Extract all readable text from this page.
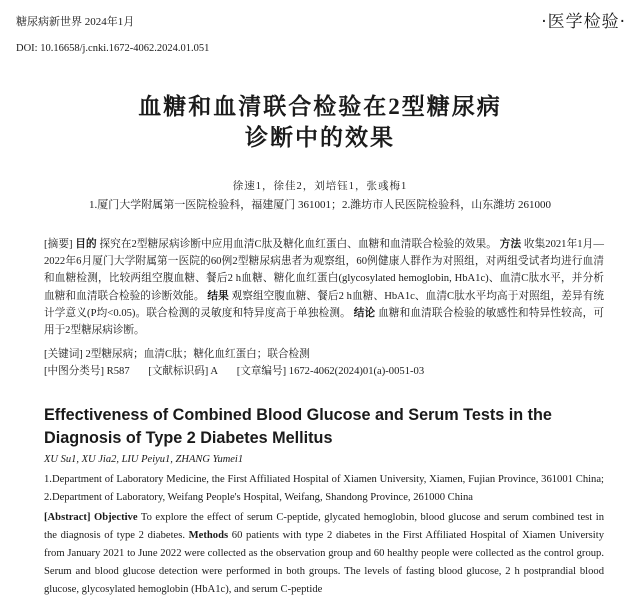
糖尿病新世界 2024年1月
DOI: 10.16658/j.cnki.1672-4062.2024.01.051
·医学检验·
血糖和血清联合检验在2型糖尿病
诊断中的效果
徐速1，徐佳2，刘培钰1，张彧梅1
1.厦门大学附属第一医院检验科，福建厦门 361001；2.潍坊市人民医院检验科，山东潍坊 261000

[摘要] 目的 探究在2型糖尿病诊断中应用血清C肽及糖化血红蛋白、血糖和血清联合检验的效果。 方法 收集2021年1月—2022年6月厦门大学附属第一医院的60例2型糖尿病患者为观察组，60例健康人群作为对照组，对两组受试者均进行血清和血糖检测，比较两组空腹血糖、餐后2 h血糖、糖化血红蛋白(glycosylated hemoglobin, HbA1c)、血清C肽水平，并分析血糖和血清联合检验的诊断效能。 结果 观察组空腹血糖、餐后2 h血糖、HbA1c、血清C肽水平均高于对照组，差异有统计学意义(P均<0.05)。联合检测的灵敏度和特异度高于单独检测。 结论 血糖和血清联合检验的敏感性和特异性较高，可用于2型糖尿病诊断。

[关键词] 2型糖尿病；血清C肽；糖化血红蛋白；联合检测
[中图分类号] R587 [文献标识码] A [文章编号] 1672-4062(2024)01(a)-0051-03
Effectiveness of Combined Blood Glucose and Serum Tests in the Diagnosis of Type 2 Diabetes Mellitus
XU Su1, XU Jia2, LIU Peiyu1, ZHANG Yumei1
1.Department of Laboratory Medicine, the First Affiliated Hospital of Xiamen University, Xiamen, Fujian Province, 361001 China; 2.Department of Laboratory, Weifang People's Hospital, Weifang, Shandong Province, 261000 China
[Abstract] Objective To explore the effect of serum C-peptide, glycated hemoglobin, blood glucose and serum combined test in the diagnosis of type 2 diabetes. Methods 60 patients with type 2 diabetes in the First Affiliated Hospital of Xiamen University from January 2021 to June 2022 were collected as the observation group and 60 healthy people were collected as the control group. Serum and blood glucose detection were performed in both groups. The levels of fasting blood glucose, 2 h postprandial blood glucose, glycosylated hemoglobin (HbA1c), and serum C-peptide
